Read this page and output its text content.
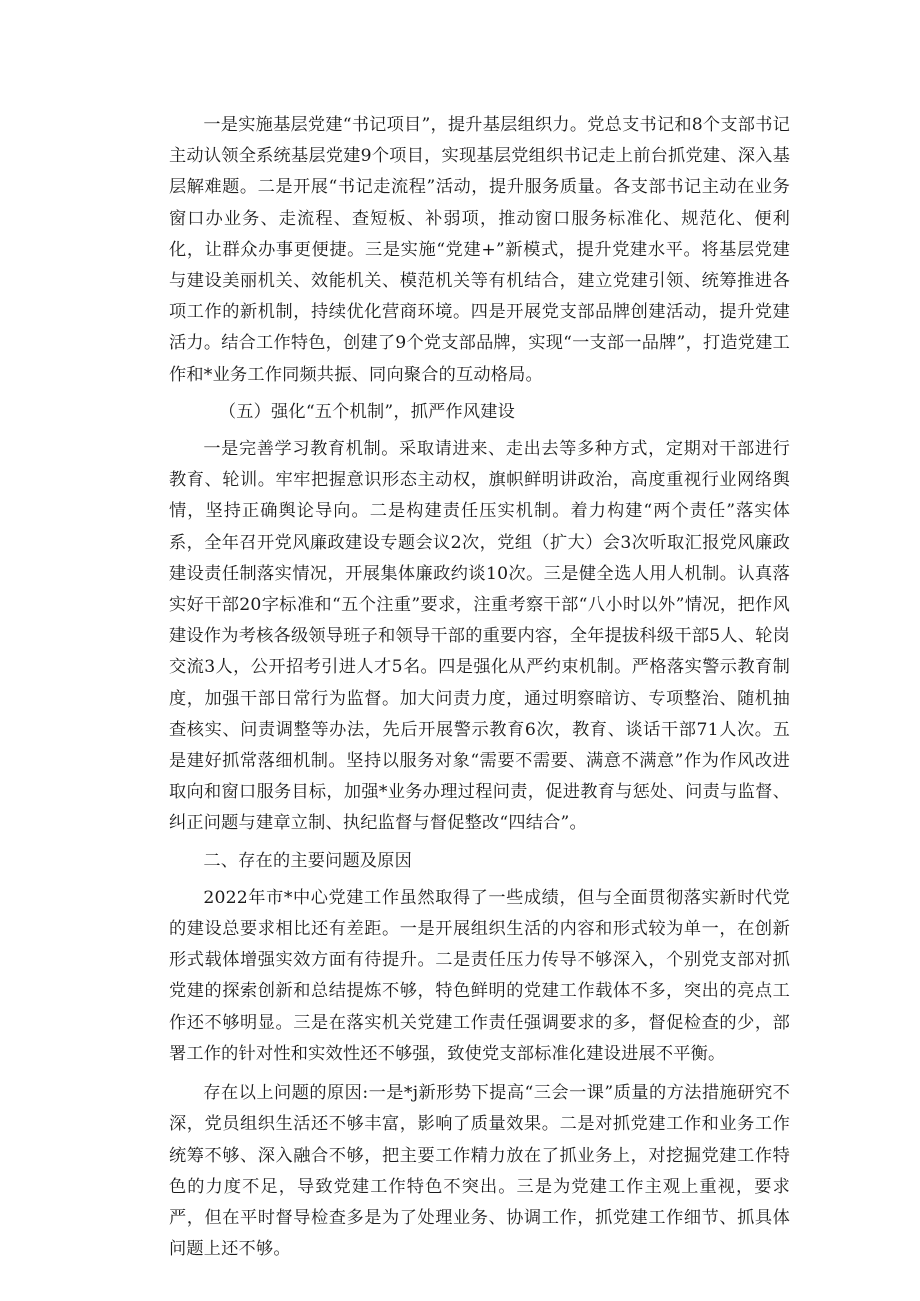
一是实施基层党建“书记项目”，提升基层组织力。党总支书记和8个支部书记主动认领全系统基层党建9个项目，实现基层党组织书记走上前台抓党建、深入基层解难题。二是开展“书记走流程”活动，提升服务质量。各支部书记主动在业务窗口办业务、走流程、查短板、补弱项，推动窗口服务标准化、规范化、便利化，让群众办事更便捷。三是实施“党建+”新模式，提升党建水平。将基层党建与建设美丽机关、效能机关、模范机关等有机结合，建立党建引领、统筹推进各项工作的新机制，持续优化营商环境。四是开展党支部品牌创建活动，提升党建活力。结合工作特色，创建了9个党支部品牌，实现“一支部一品牌”，打造党建工作和*业务工作同频共振、同向聚合的互动格局。

（五）强化“五个机制”，抓严作风建设

一是完善学习教育机制。采取请进来、走出去等多种方式，定期对干部进行教育、轮训。牢牢把握意识形态主动权，旗帜鲜明讲政治，高度重视行业网络舆情，坚持正确舆论导向。二是构建责任压实机制。着力构建“两个责任”落实体系，全年召开党风廉政建设专题会议2次，党组（扩大）会3次听取汇报党风廉政建设责任制落实情况，开展集体廉政约谈10次。三是健全选人用人机制。认真落实好干部20字标准和“五个注重”要求，注重考察干部“八小时以外”情况，把作风建设作为考核各级领导班子和领导干部的重要内容，全年提拔科级干部5人、轮岗交流3人，公开招考引进人才5名。四是强化从严约束机制。严格落实警示教育制度，加强干部日常行为监督。加大问责力度，通过明察暗访、专项整治、随机抽查核实、问责调整等办法，先后开展警示教育6次，教育、谈话干部71人次。五是建好抓常落细机制。坚持以服务对象“需要不需要、满意不满意”作为作风改进取向和窗口服务目标，加强*业务办理过程问责，促进教育与惩处、问责与监督、纠正问题与建章立制、执纪监督与督促整改“四结合”。

二、存在的主要问题及原因

2022年市*中心党建工作虽然取得了一些成绩，但与全面贯彻落实新时代党的建设总要求相比还有差距。一是开展组织生活的内容和形式较为单一，在创新形式载体增强实效方面有待提升。二是责任压力传导不够深入，个别党支部对抓党建的探索创新和总结提炼不够，特色鲜明的党建工作载体不多，突出的亮点工作还不够明显。三是在落实机关党建工作责任强调要求的多，督促检查的少，部署工作的针对性和实效性还不够强，致使党支部标准化建设进展不平衡。

存在以上问题的原因:一是*j新形势下提高“三会一课”质量的方法措施研究不深，党员组织生活还不够丰富，影响了质量效果。二是对抓党建工作和业务工作统筹不够、深入融合不够，把主要工作精力放在了抓业务上，对挖掘党建工作特色的力度不足，导致党建工作特色不突出。三是为党建工作主观上重视，要求严，但在平时督导检查多是为了处理业务、协调工作，抓党建工作细节、抓具体问题上还不够。
